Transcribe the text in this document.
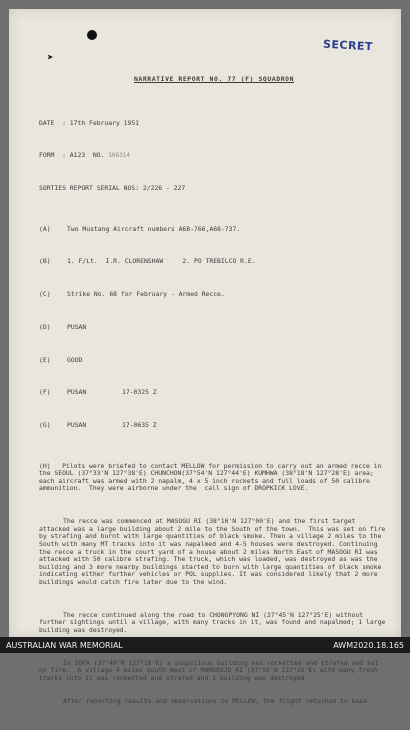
➤
SECRET

NARRATIVE REPORT NO. 77 (F) SQUADRON

DATE  : 17th February 1951

FORM  : A123  NO. 106314

SORTIES REPORT SERIAL NOS: 2/226 - 227

(A)	Two Mustang Aircraft numbers A68-766,A68-737.

(B)	1. F/Lt.  I.R. CLORENSHAW     2. PO TREBILCO R.E.

(C)	Strike No. 68 for February - Armed Recce.

(D)	PUSAN

(E)	GOOD

(F)	PUSAN	17-0325 Z

(G)	PUSAN	17-0635 Z

(H)   Pilots were briefed to contact MELLOW for permission to carry out an armed recce in the SEOUL (37°33'N 127°38'E) CHUNCHON(37°54'N 127°44'E) KUMHWA (38°18'N 127°28'E) area; each aircraft was armed with 2 napalm, 4 x 5 inch rockets and full loads of 50 calibre ammunition.  They were airborne under the  call sign of DROPKICK LOVE.

The recce was commenced at MASOGU RI (38°10'N 127°00'E) and the first target attacked was a large building about 2 mile to the South of the town.  This was set on fire by strafing and burnt with large quantities of black smoke. Then a village 2 miles to the South with many MT tracks into it was napalmed and 4-5 houses were destroyed. Continuing the recce a truck in the court yard of a house about 2 miles North East of MASOGU RI was  attacked with 50 calibre strafing. The truck, which was loaded, was destroyed as was the building and 3 more nearby buildings started to burn with large quantities of black smoke indicating either further vehicles or POL supplies. It was considered likely that 2 more buildings would catch fire later due to the wind.

The recce continued along the road to CHONGPYONG NI (37°45'N 127°25'E) without further sightings until a village, with many tracks in it, was found and napalmed; 1 large building was destroyed.

In SOPA (37°40'N 127°18'E) a suspicious building was rocketted and strafed and set on fire.  A village 4 miles South West of MANSEOJO RI (37°59'N 127°15'E) with many fresh tracks into it was rocketted and strafed and 1 building was destroyed.

After reporting results and observations to MELLOW, the flight returned to base.

AUSTRALIAN WAR MEMORIAL	AWM2020.18.165
